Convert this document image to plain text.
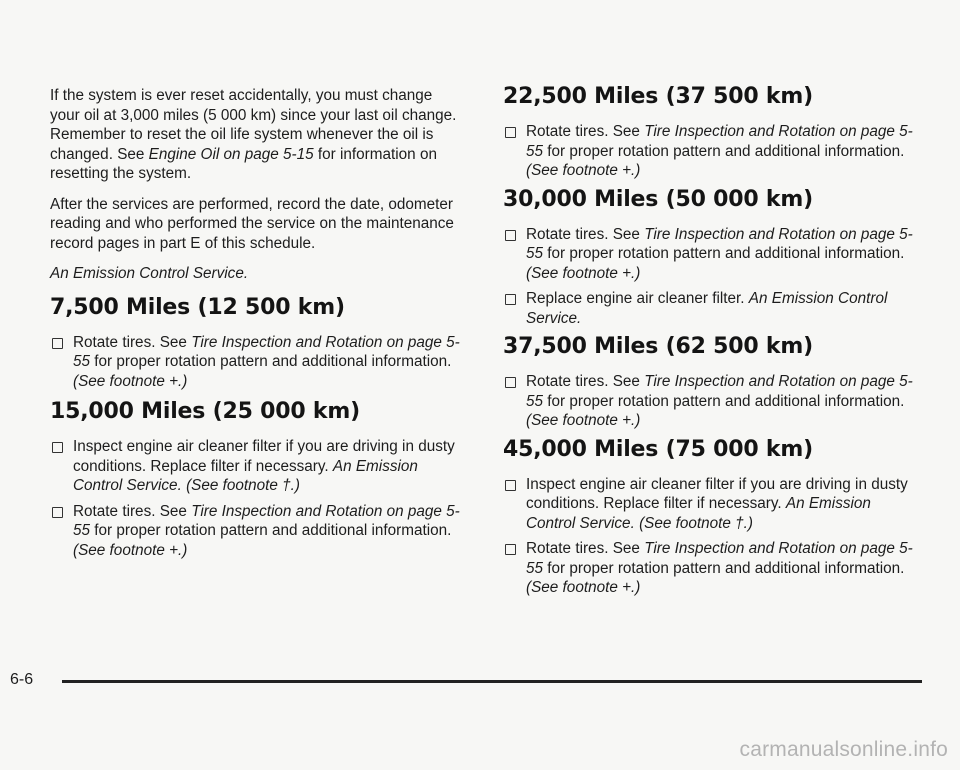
If the system is ever reset accidentally, you must change your oil at 3,000 miles (5 000 km) since your last oil change. Remember to reset the oil life system whenever the oil is changed. See Engine Oil on page 5-15 for information on resetting the system.

After the services are performed, record the date, odometer reading and who performed the service on the maintenance record pages in part E of this schedule.

An Emission Control Service.

7,500 Miles (12 500 km)
Rotate tires. See Tire Inspection and Rotation on page 5-55 for proper rotation pattern and additional information. (See footnote +.)
15,000 Miles (25 000 km)
Inspect engine air cleaner filter if you are driving in dusty conditions. Replace filter if necessary. An Emission Control Service. (See footnote †.)
Rotate tires. See Tire Inspection and Rotation on page 5-55 for proper rotation pattern and additional information. (See footnote +.)
22,500 Miles (37 500 km)
Rotate tires. See Tire Inspection and Rotation on page 5-55 for proper rotation pattern and additional information. (See footnote +.)
30,000 Miles (50 000 km)
Rotate tires. See Tire Inspection and Rotation on page 5-55 for proper rotation pattern and additional information. (See footnote +.)
Replace engine air cleaner filter. An Emission Control Service.
37,500 Miles (62 500 km)
Rotate tires. See Tire Inspection and Rotation on page 5-55 for proper rotation pattern and additional information. (See footnote +.)
45,000 Miles (75 000 km)
Inspect engine air cleaner filter if you are driving in dusty conditions. Replace filter if necessary. An Emission Control Service. (See footnote †.)
Rotate tires. See Tire Inspection and Rotation on page 5-55 for proper rotation pattern and additional information. (See footnote +.)
6-6
carmanualsonline.info
